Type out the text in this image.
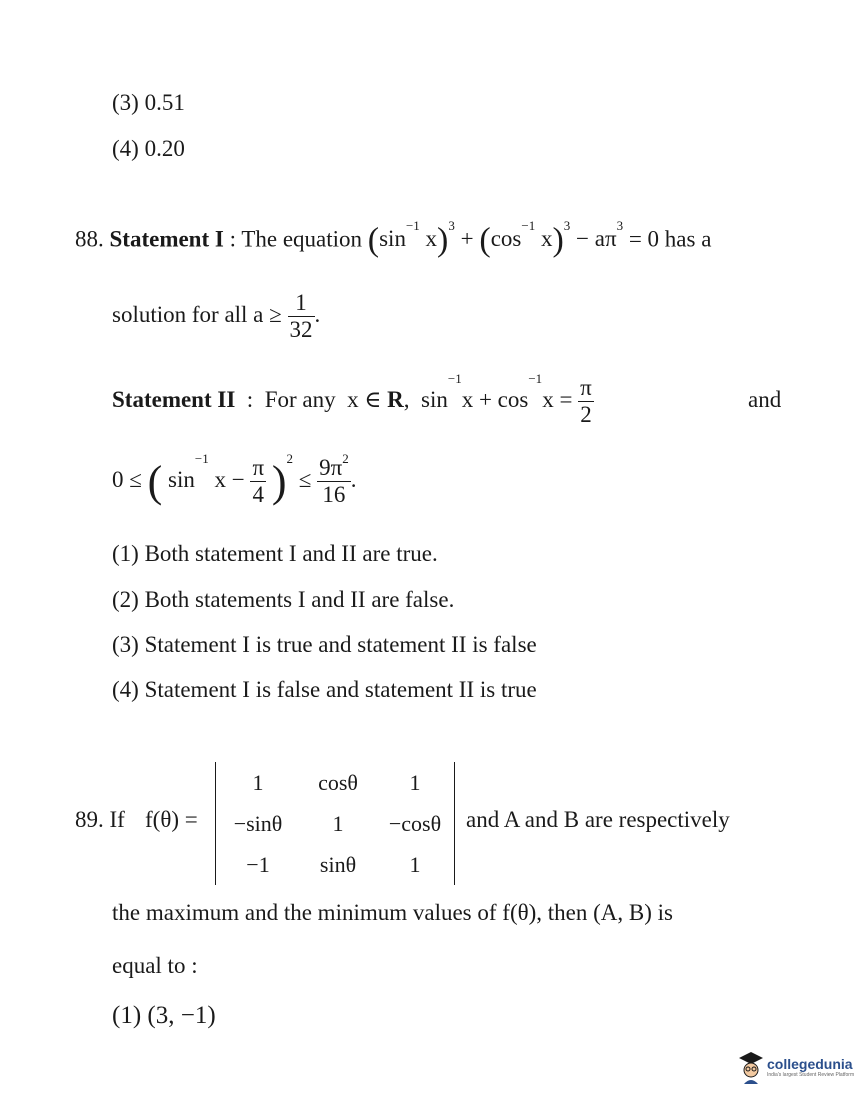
(3) 0.51
(4) 0.20
88. Statement I : The equation ($\sin^{-1}$ $x)^3 + (\cos^{-1}$ $x)^3 - a\pi^3 = 0$ has a
solution for all $a \ge \frac{1}{32}$ .
Statement II : For any  x ∈ R,  $\sin^{-1}x + \cos^{-1}x = \frac{\pi}{2}$	and
0 ≤ ( $\sin^{-1} x - \frac{\pi}{4} )^2 \le \frac{9\pi^2}{16}$ .
(1) Both statement I and II are true.
(2) Both statements I and II are false.
(3) Statement I is true and statement II is false
(4) Statement I is false and statement II is true
89. If f(θ) =
1	cosθ	1
−sinθ	1	−cosθ
−1	sinθ	1
and A and B are respectively
the maximum and the minimum values of f(θ), then (A, B) is
equal to :
(1) (3, −1)
collegedunia
India's largest Student Review Platform
